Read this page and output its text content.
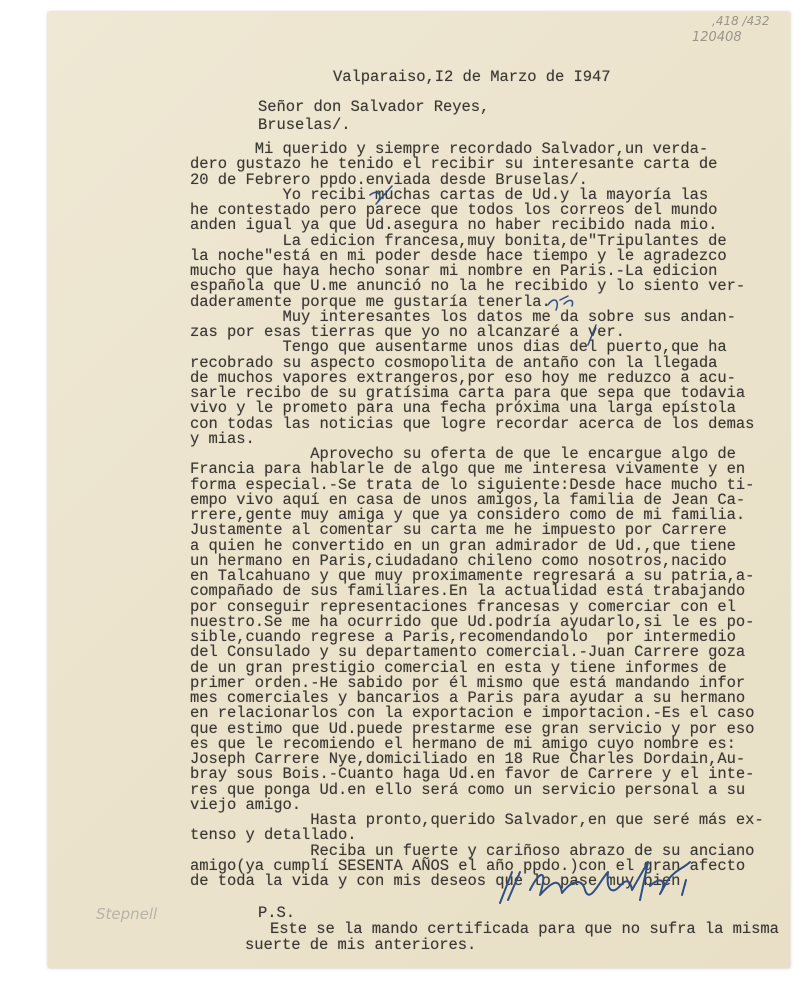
,418 /432
120408
Stepnell
Valparaiso,I2 de Marzo de I947
Señor don Salvador Reyes,
Bruselas/.
Mi querido y siempre recordado Salvador,un verda-
dero gustazo he tenido el recibir su interesante carta de
20 de Febrero ppdo.enviada desde Bruselas/.
Yo recibi muchas cartas de Ud.y la mayoría las
he contestado pero parece que todos los correos del mundo
anden igual ya que Ud.asegura no haber recibido nada mio.
La edicion francesa,muy bonita,de"Tripulantes de
la noche"está en mi poder desde hace tiempo y le agradezco
mucho que haya hecho sonar mi nombre en Paris.-La edicion
española que U.me anunció no la he recibido y lo siento ver-
daderamente porque me gustaría tenerla.
Muy interesantes los datos me da sobre sus andan-
zas por esas tierras que yo no alcanzaré a ver.
Tengo que ausentarme unos dias del puerto,que ha
recobrado su aspecto cosmopolita de antaño con la llegada
de muchos vapores extrangeros,por eso hoy me reduzco a acu-
sarle recibo de su gratísima carta para que sepa que todavia
vivo y le prometo para una fecha próxima una larga epístola
con todas las noticias que logre recordar acerca de los demas
y mias.
Aprovecho su oferta de que le encargue algo de
Francia para hablarle de algo que me interesa vivamente y en
forma especial.-Se trata de lo siguiente:Desde hace mucho ti-
empo vivo aquí en casa de unos amigos,la familia de Jean Ca-
rrere,gente muy amiga y que ya considero como de mi familia.
Justamente al comentar su carta me he impuesto por Carrere
a quien he convertido en un gran admirador de Ud.,que tiene
un hermano en Paris,ciudadano chileno como nosotros,nacido
en Talcahuano y que muy proximamente regresará a su patria,a-
compañado de sus familiares.En la actualidad está trabajando
por conseguir representaciones francesas y comerciar con el
nuestro.Se me ha ocurrido que Ud.podría ayudarlo,si le es po-
sible,cuando regrese a Paris,recomendandolo  por intermedio
del Consulado y su departamento comercial.-Juan Carrere goza
de un gran prestigio comercial en esta y tiene informes de
primer orden.-He sabido por él mismo que está mandando infor
mes comerciales y bancarios a Paris para ayudar a su hermano
en relacionarlos con la exportacion e importacion.-Es el caso
que estimo que Ud.puede prestarme ese gran servicio y por eso
es que le recomiendo el hermano de mi amigo cuyo nombre es:
Joseph Carrere Nye,domiciliado en 18 Rue Charles Dordain,Au-
bray sous Bois.-Cuanto haga Ud.en favor de Carrere y el inte-
res que ponga Ud.en ello será como un servicio personal a su
viejo amigo.
Hasta pronto,querido Salvador,en que seré más ex-
tenso y detallado.
Reciba un fuerte y cariñoso abrazo de su anciano
amigo(ya cumplí SESENTA AÑOS el año ppdo.)con el gran afecto
de toda la vida y con mis deseos que lo pase muy bien.
P.S.
Este se la mando certificada para que no sufra la misma
suerte de mis anteriores.
